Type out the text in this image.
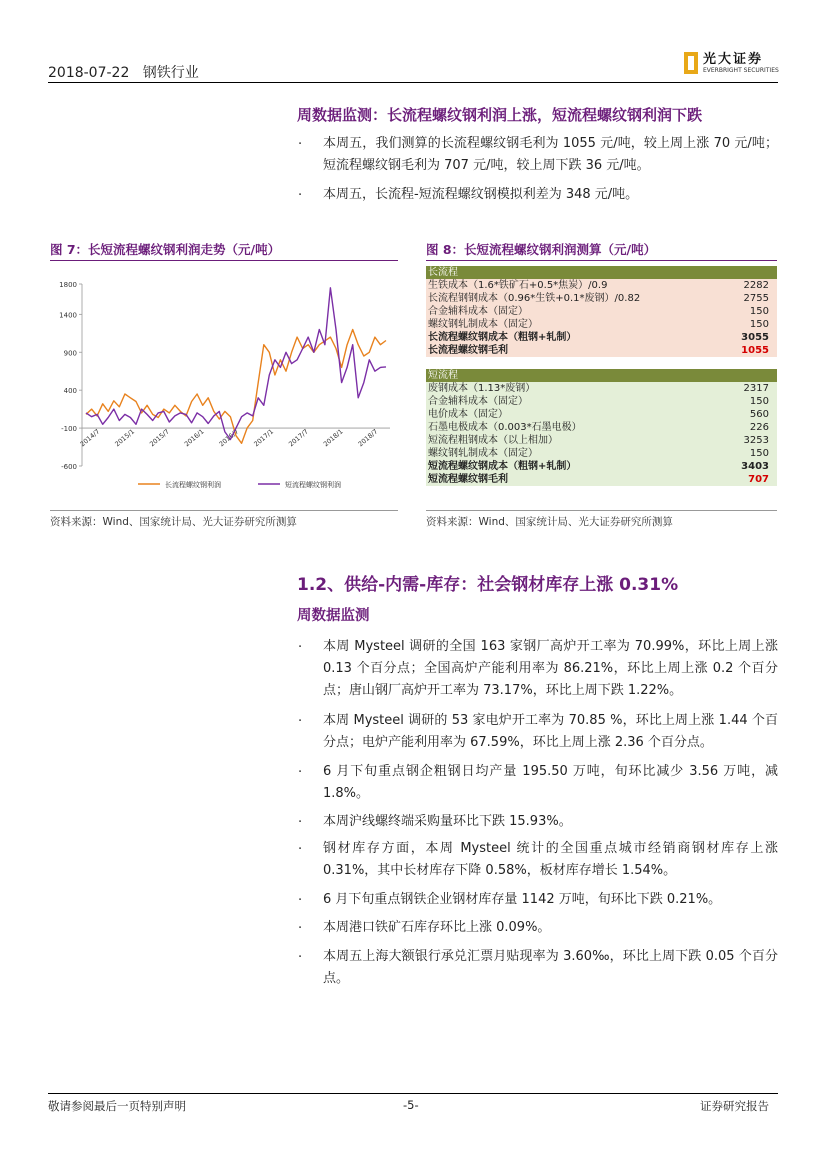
2018-07-22 钢铁行业
光大证券
EVERBRIGHT SECURITIES
周数据监测：长流程螺纹钢利润上涨，短流程螺纹钢利润下跌
· 本周五，我们测算的长流程螺纹钢毛利为 1055 元/吨，较上周上涨 70 元/吨；短流程螺纹钢毛利为 707 元/吨，较上周下跌 36 元/吨。
· 本周五，长流程-短流程螺纹钢模拟利差为 348 元/吨。
图 7：长短流程螺纹钢利润走势（元/吨）
1800
1400
900
400
-100
-600
2014/7 2015/1 2015/7 2016/1 2016/7 2017/1 2017/7 2018/1 2018/7
长流程螺纹钢利润	短流程螺纹钢利润
资料来源：Wind、国家统计局、光大证券研究所测算
图 8：长短流程螺纹钢利润测算（元/吨）
长流程
生铁成本（1.6*铁矿石+0.5*焦炭）/0.9	2282
长流程钢钢成本（0.96*生铁+0.1*废钢）/0.82	2755
合金辅料成本（固定）	150
螺纹钢轧制成本（固定）	150
长流程螺纹钢成本（粗钢+轧制）	3055
长流程螺纹钢毛利	1055
短流程
废钢成本（1.13*废钢）	2317
合金辅料成本（固定）	150
电价成本（固定）	560
石墨电极成本（0.003*石墨电极）	226
短流程粗钢成本（以上相加）	3253
螺纹钢轧制成本（固定）	150
短流程螺纹钢成本（粗钢+轧制）	3403
短流程螺纹钢毛利	707
资料来源：Wind、国家统计局、光大证券研究所测算
1.2、供给-内需-库存：社会钢材库存上涨 0.31%
周数据监测
· 本周 Mysteel 调研的全国 163 家钢厂高炉开工率为 70.99%，环比上周上涨 0.13 个百分点；全国高炉产能利用率为 86.21%，环比上周上涨 0.2 个百分点；唐山钢厂高炉开工率为 73.17%，环比上周下跌 1.22%。
· 本周 Mysteel 调研的 53 家电炉开工率为 70.85 %，环比上周上涨 1.44 个百分点；电炉产能利用率为 67.59%，环比上周上涨 2.36 个百分点。
· 6 月下旬重点钢企粗钢日均产量 195.50 万吨，旬环比减少 3.56 万吨，减 1.8%。
· 本周沪线螺终端采购量环比下跌 15.93%。
· 钢材库存方面，本周 Mysteel 统计的全国重点城市经销商钢材库存上涨 0.31%，其中长材库存下降 0.58%，板材库存增长 1.54%。
· 6 月下旬重点钢铁企业钢材库存量 1142 万吨，旬环比下跌 0.21%。
· 本周港口铁矿石库存环比上涨 0.09%。
· 本周五上海大额银行承兑汇票月贴现率为 3.60‰，环比上周下跌 0.05 个百分点。
敬请参阅最后一页特别声明	-5-	证券研究报告
